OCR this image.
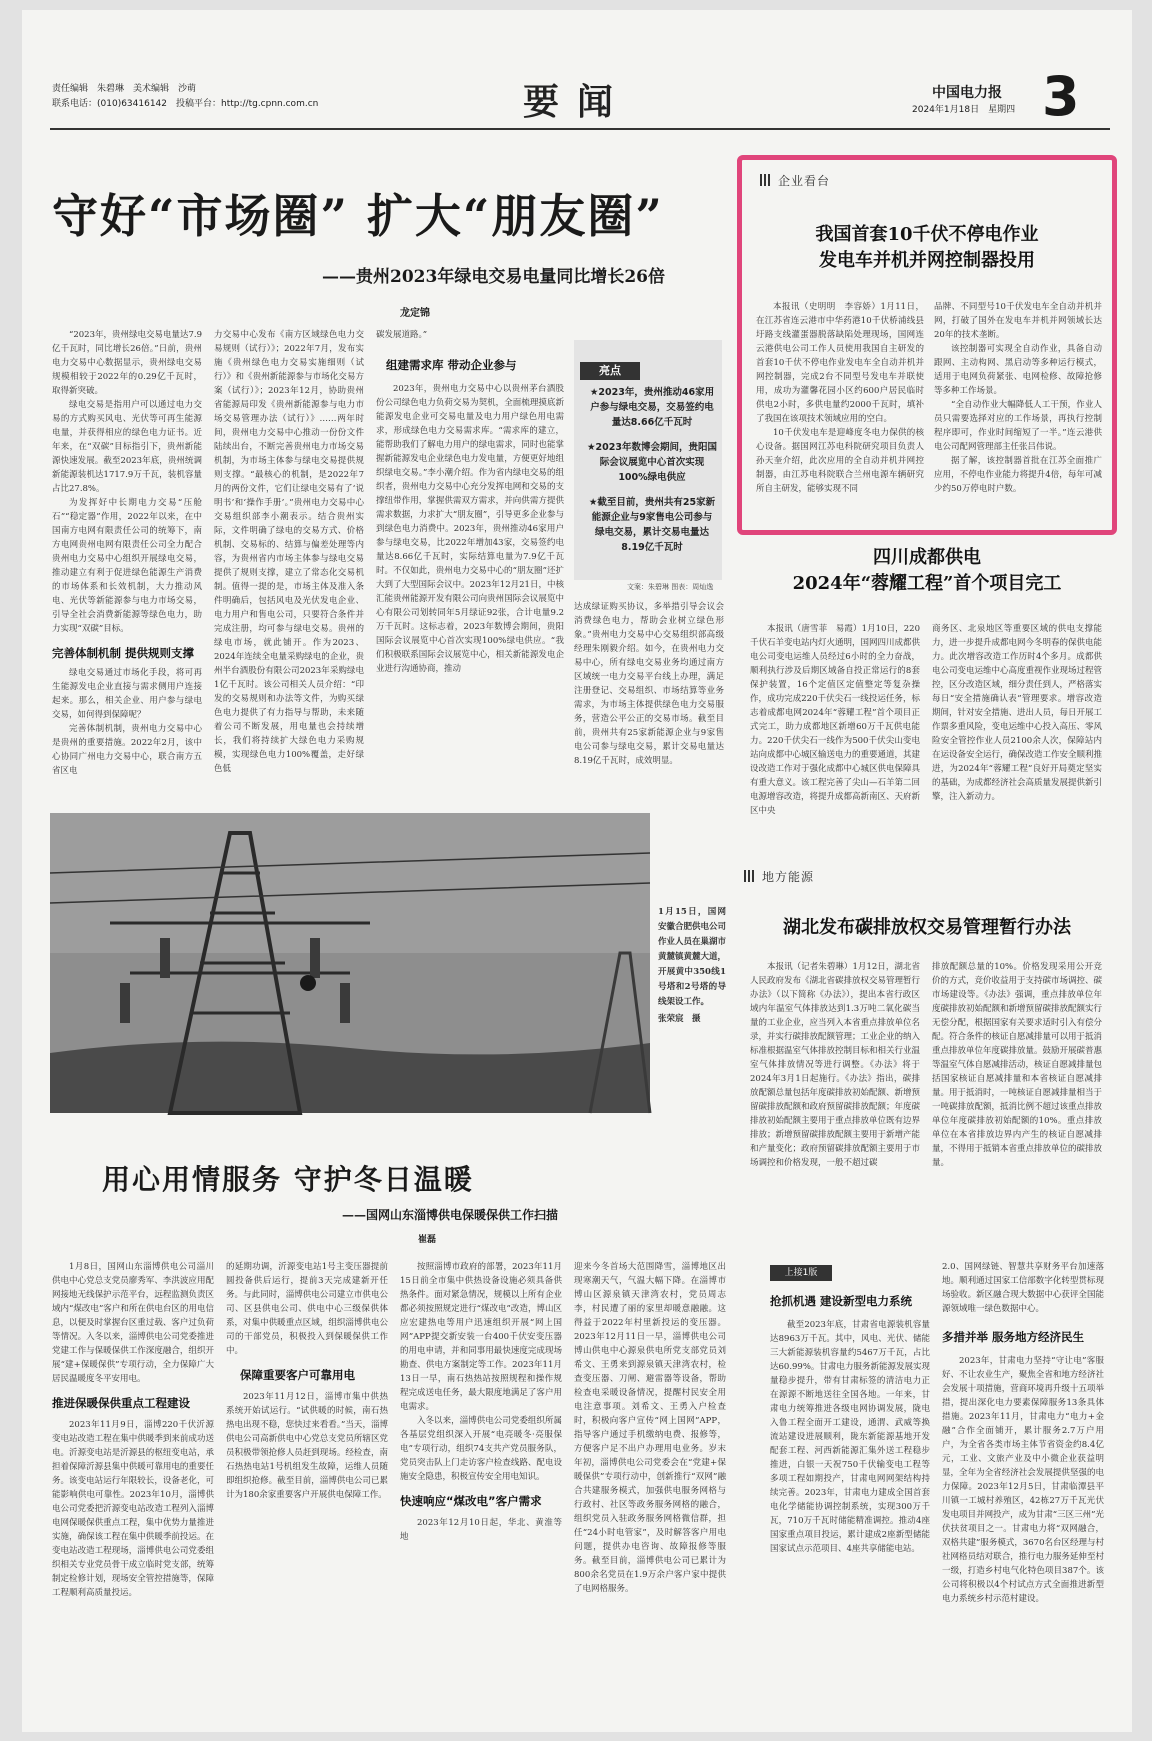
责任编辑　朱碧琳　美术编辑　沙萌
联系电话：(010)63416142　投稿平台：http://tg.cpnn.com.cn	要闻	中国电力报
2024年1月18日　星期四 3
守好“市场圈” 扩大“朋友圈”
——贵州2023年绿电交易电量同比增长26倍
龙定锦

“2023年，贵州绿电交易电量达7.9亿千瓦时，同比增长26倍。”日前，贵州电力交易中心数据显示，贵州绿电交易规模相较于2022年的0.29亿千瓦时，取得新突破。

绿电交易是指用户可以通过电力交易的方式购买风电、光伏等可再生能源电量，并获得相应的绿色电力证书。近年来，在“双碳”目标指引下，贵州新能源快速发展。截至2023年底，贵州统调新能源装机达1717.9万千瓦，装机容量占比27.8%。

为发挥好中长期电力交易“压舱石”“稳定器”作用，2022年以来，在中国南方电网有限责任公司的统筹下，南方电网贵州电网有限责任公司全力配合贵州电力交易中心组织开展绿电交易，推动建立有利于促进绿色能源生产消费的市场体系和长效机制，大力推动风电、光伏等新能源参与电力市场交易，引导全社会消费新能源等绿色电力，助力实现“双碳”目标。

完善体制机制 提供规则支撑

绿电交易通过市场化手段，将可再生能源发电企业直接与需求侧用户连接起来。那么，相关企业、用户参与绿电交易，如何得到保障呢？

完善体制机制，贵州电力交易中心是贵州的重要措施。2022年2月，该中心协同广州电力交易中心，联合南方五省区电

力交易中心发布《南方区域绿色电力交易规则（试行）》；2022年7月，发布实施《贵州绿色电力交易实施细则（试行）》和《贵州新能源参与市场化交易方案（试行）》；2023年12月，协助贵州省能源局印发《贵州新能源参与电力市场交易管理办法（试行）》……两年时间，贵州电力交易中心推动一份份文件陆续出台，不断完善贵州电力市场交易机制，为市场主体参与绿电交易提供规则支撑。“最核心的机制，是2022年7月的两份文件，它们让绿电交易有了‘说明书’和‘操作手册’。”贵州电力交易中心交易组织部李小潮表示。结合贵州实际，文件明确了绿电的交易方式、价格机制、交易标的、结算与偏差处理等内容，为贵州省内市场主体参与绿电交易提供了规则支撑，建立了常态化交易机制。值得一提的是，市场主体及准入条件明确后，包括风电及光伏发电企业、电力用户和售电公司，只要符合条件并完成注册，均可参与绿电交易。贵州的绿电市场，就此铺开。作为2023、2024年连续全电量采购绿电的企业，贵州半台酒股份有限公司2023年采购绿电1亿千瓦时。该公司相关人员介绍：“印发的交易规则和办法等文件，为购买绿色电力提供了有力指导与帮助，未来随着公司不断发展，用电量也会持续增长，我们将持续扩大绿色电力采购规模，实现绿色电力100%覆盖，走好绿色低

碳发展道路。”

组建需求库 带动企业参与

2023年，贵州电力交易中心以贵州茅台酒股份公司绿色电力负荷交易为契机，全面梳理摸底新能源发电企业可交易电量及电力用户绿色用电需求，形成绿色电力交易需求库。“需求库的建立，能帮助我们了解电力用户的绿电需求，同时也能掌握新能源发电企业绿色电力发电量，方便更好地组织绿电交易。”李小潮介绍。作为省内绿电交易的组织者，贵州电力交易中心充分发挥电网和交易的支撑纽带作用，掌握供需双方需求，并向供需方提供需求数据，力求扩大“朋友圈”，引导更多企业参与到绿色电力消费中。2023年，贵州推动46家用户参与绿电交易，比2022年增加43家，交易签约电量达8.66亿千瓦时，实际结算电量为7.9亿千瓦时。不仅如此，贵州电力交易中心的“朋友圈”还扩大到了大型国际会议中。2023年12月21日，中核汇能贵州能源开发有限公司向贵州国际会议展览中心有限公司划转同年5月绿证92张，合计电量9.2万千瓦时。这标志着，2023年数博会期间，贵阳国际会议展览中心首次实现100%绿电供应。“我们积极联系国际会议展览中心，相关新能源发电企业进行沟通协商，推动

亮点
★2023年，贵州推动46家用户参与绿电交易，交易签约电量达8.66亿千瓦时
★2023年数博会期间，贵阳国际会议展览中心首次实现100%绿电供应
★截至目前，贵州共有25家新能源企业与9家售电公司参与绿电交易，累计交易电量达8.19亿千瓦时
文案：朱碧琳 图表：周灿逸

达成绿证购买协议，多举措引导会议会消费绿色电力，帮助会业树立绿色形象。”贵州电力交易中心交易组织部高级经理朱刚毅介绍。如今，在贵州电力交易中心，所有绿电交易业务均通过南方区域统一电力交易平台线上办理，满足注册登记、交易组织、市场结算等业务需求，为市场主体提供绿色电力交易服务，营造公平公正的交易市场。截至目前，贵州共有25家新能源企业与9家售电公司参与绿电交易，累计交易电量达8.19亿千瓦时，成效明显。

企业看台
我国首套10千伏不停电作业
发电车并机并网控制器投用

本报讯（史明明　李容娇）1月11日，在江苏省连云港市中华药港10千伏桥浦线县圩路支线灌蛋器脱落缺陷处理现场，国网连云港供电公司工作人员使用我国自主研发的首套10千伏不停电作业发电车全自动并机并网控制器，完成2台不同型号发电车并联使用，成功为灌馨花园小区约600户居民临时供电2小时，多供电量约2000千瓦时，填补了我国在该项技术领域应用的空白。

10千伏发电车是迎峰度冬电力保供的核心设备。据国网江苏电科院研究项目负责人孙天奎介绍，此次应用的全自动并机并网控制器，由江苏电科院联合兰州电源车辆研究所自主研发，能够实现不同

品牌、不同型号10千伏发电车全自动并机并网，打破了国外在发电车并机并网领域长达20年的技术垄断。

该控制器可实现全自动作业，具备自动跟网、主动构网、黑启动等多种运行模式，适用于电网负荷紧张、电网检修、故障抢修等多种工作场景。

“全自动作业大幅降低人工干预，作业人员只需要选择对应的工作场景，再执行控制程序即可，作业时间缩短了一半。”连云港供电公司配网管理部主任张吕伟说。

据了解，该控制器首批在江苏全面推广应用，不停电作业能力将提升4倍，每年可减少约50万停电时户数。

四川成都供电
2024年“蓉耀工程”首个项目完工

本报讯（唐雪菲　易霞）1月10日，220千伏石羊变电站内灯火通明，国网四川成都供电公司变电运维人员经过6小时的全力奋战，顺利执行涉及后期区域备自投正常运行的8套保护装置，16个定值区定值整定等复杂操作，成功完成220千伏尖石一线投运任务，标志着成都电网2024年“蓉耀工程”首个项目正式完工，助力成都地区新增60万千瓦供电能力。220千伏尖石一线作为500千伏尖山变电站向成都中心城区输送电力的重要通道，其建设改造工作对于强化成都中心城区供电保障具有重大意义。该工程完善了尖山—石羊第二回电源增容改造，将提升成都高新南区、天府新区中央

商务区、北泉地区等重要区域的供电支撑能力，进一步提升成都电网今冬明春的保供电能力。此次增容改造工作历时4个多月。成都供电公司变电运维中心高度重视作业现场过程管控，区分改造区域，细分责任到人，严格落实每日“安全措施确认表”管理要求。增容改造期间，针对安全措施、进出人员，每日开展工作票多重风险，变电运维中心投入高压、零风险安全管控作业人员2100余人次，保障站内在运设备安全运行，确保改造工作安全顺利推进，为2024年“蓉耀工程”良好开局奠定坚实的基础，为成都经济社会高质量发展提供新引擎，注入新动力。

1月15日，国网安徽合肥供电公司作业人员在巢湖市黄麓镇黄麓大道，开展黄中350线1号塔和2号塔的导线架设工作。
张荣宸　摄
地方能源
湖北发布碳排放权交易管理暂行办法

本报讯（记者朱碧琳）1月12日，湖北省人民政府发布《湖北省碳排放权交易管理暂行办法》（以下简称《办法》），提出本省行政区域内年温室气体排放达到1.3万吨二氧化碳当量的工业企业，应当列入本省重点排放单位名录，并实行碳排放配额管理；工业企业的纳入标准根据温室气体排放控制目标和相关行业温室气体排放情况等进行调整。《办法》将于2024年3月1日起施行。《办法》指出，碳排放配额总量包括年度碳排放初始配额、新增预留碳排放配额和政府预留碳排放配额；年度碳排放初始配额主要用于重点排放单位既有边界排放；新增预留碳排放配额主要用于新增产能和产量变化；政府预留碳排放配额主要用于市场调控和价格发现，一般不超过碳

排放配额总量的10%。价格发现采用公开竞价的方式，竞价收益用于支持碳市场调控、碳市场建设等。《办法》强调，重点排放单位年度碳排放初始配额和新增预留碳排放配额实行无偿分配，根据国家有关要求适时引入有偿分配。符合条件的核证自愿减排量可以用于抵消重点排放单位年度碳排放量。鼓励开展碳普惠等温室气体自愿减排活动，核证自愿减排量包括国家核证自愿减排量和本省核证自愿减排量。用于抵消时，一吨核证自愿减排量相当于一吨碳排放配额，抵消比例不超过该重点排放单位年度碳排放初始配额的10%。重点排放单位在本省排放边界内产生的核证自愿减排量，不得用于抵销本省重点排放单位的碳排放量。

用心用情服务 守护冬日温暖
——国网山东淄博供电保暖保供工作扫描
崔磊

1月8日，国网山东淄博供电公司淄川供电中心党总支党员廖秀军、李洪波应用配网接地无线保护示范平台，远程监测负责区域内“煤改电”客户和所在供电台区的用电信息，以便及时掌握台区重过载、客户过负荷等情况。入冬以来，淄博供电公司党委推进党建工作与保暖保供工作深度融合，组织开展“建+保暖保供”专项行动，全力保障广大居民温暖度冬平安用电。

推进保暖保供重点工程建设

2023年11月9日，淄博220千伏沂源变电站改造工程在集中供暖季到来前成功送电。沂源变电站是沂源县的枢纽变电站，承担着保障沂源县集中供暖可靠用电的重要任务。该变电站运行年限较长，设备老化，可能影响供电可靠性。2023年10月，淄博供电公司党委把沂源变电站改造工程列入淄博电网保暖保供重点工程，集中优势力量推进实施，确保该工程在集中供暖季前投运。在变电站改造工程现场，淄博供电公司党委组织相关专业党员骨干成立临时党支部，统筹制定检修计划，现场安全管控措施等，保障工程顺利高质量投运。

的延期功调，沂源变电站1号主变压器提前圆投备供后运行，提前3天完成建新开任务。与此同时，淄博供电公司建立市供电公司、区县供电公司、供电中心三级保供体系，对集中供暖重点区域，组织淄博供电公司的干部党员，积极投入到保暖保供工作中。

保障重要客户可靠用电

2023年11月12日，淄博市集中供热系统开始试运行。“试供暖的时候，南石热热电出现不稳，您快过来看看。”当天，淄博供电公司高新供电中心党总支党员所辖区党员积极带领抢修人员赶到现场。经检查，南石热热电站1号机组发生故障，运维人员随即组织抢修。截至目前，淄博供电公司已累计为180余家重要客户开展供电保障工作。

按照淄博市政府的部署，2023年11月15日前全市集中供热设备设施必须具备供热条件。面对紧急情况，规模以上所有企业都必须按照规定进行“煤改电”改造，博山区应宏建热电等用户迅速组织开展“网上国网”APP提交新安装一台400千伏安变压器的用电申请，并和同事用最快速度完成现场勘查、供电方案制定等工作。2023年11月13日一早，南石热热站按照规程和操作规程完成送电任务，最大限度地满足了客户用电需求。

入冬以来，淄博供电公司党委组织所属各基层党组织深入开展“电亮暖冬·亮服保电”专项行动，组织74支共产党员服务队，党员突击队上门走访客户检查线路、配电设施安全隐患，积极宣传安全用电知识。

快速响应“煤改电”客户需求

2023年12月10日起，华北、黄淮等地

迎来今冬首场大范围降雪，淄博地区出现寒潮天气，气温大幅下降。在淄博市博山区源泉镇天津湾农村，党员周志李，村民遭了丽的家里却暖意融融。这得益于2022年村里新投运的变压器。2023年12月11日一早，淄博供电公司博山供电中心源泉供电所党支部党员刘希文、王勇来到源泉镇天津湾农村，检查变压器、刀闸、避雷器等设备，帮助检查电采暖设备情况，提醒村民安全用电注意事项。刘希文、王勇入户检查时，积极向客户宣传“网上国网”APP，指导客户通过手机缴纳电费、报修等，方便客户足不出户办理用电业务。岁末年初，淄博供电公司党委会在“党建+保暖保供”专项行动中，创新推行“双网”融合共建服务模式，加强供电服务网格与行政村、社区等政务服务网格的融合，组织党员入驻政务服务网格微信群，担任“24小时电管家”，及时解答客户用电问题，提供办电咨询、故障报修等服务。截至目前，淄博供电公司已累计为800余名党员在1.9万余户客户家中提供了电网格服务。

上接1版

抢抓机遇 建设新型电力系统

截至2023年底，甘肃省电源装机容量达8963万千瓦。其中，风电、光伏、储能三大新能源装机容量约5467万千瓦，占比达60.99%。甘肃电力服务新能源发展实现量稳步提升，带有甘肃标签的清洁电力正在源源不断地送往全国各地。一年来，甘肃电力统筹推进各级电网协调发展，陇电入鲁工程全面开工建设，通渭、武威等换流站建设进展顺利，陇东新能源基地开发配套工程、河西新能源汇集外送工程稳步推进，白银一天祝750千伏输变电工程等多项工程如期投产，甘肃电网网架结构持续完善。2023年，甘肃电力建成全国首套电化学储能协调控制系统，实现300万千瓦，710万千瓦时储能精准调控。推动4座国家重点项目投运，累计建成2座新型储能国家试点示范项目、4座共享储能电站。

2.0、国网绿链、智慧共享财务平台加速落地。顺利通过国家工信部数字化转型贯标现场验收。新区融合现大数据中心获评全国能源领域唯一绿色数据中心。

多措并举 服务地方经济民生

2023年，甘肃电力坚持“守让电”客服好、不让农业生产，聚焦全省和地方经济社会发展十项措施，营商环境再升级十五项举措，提出深化电力要素保障服务13条具体措施。2023年11月，甘肃电力“电力+金融”合作全面铺开，累计服务2.7万户用户，为全省各类市场主体节省资金约8.4亿元，工业、文旅产业及中小微企业获益明显，全年为全省经济社会发展提供坚强的电力保障。2023年12月5日，甘肃临潭县平川镇一工城村养殖区，42栋27万千瓦光伏发电项目并网投产，成为甘肃“三区三州”光伏扶贫项目之一。甘肃电力将“双网融合，双格共建”服务模式，3670名台区经理与村社网格员结对联合，推行电力服务延伸至村一级，打造乡村电气化特色项目387个。该公司将积极以4个村试点方式全面推进新型电力系统乡村示范村建设。
